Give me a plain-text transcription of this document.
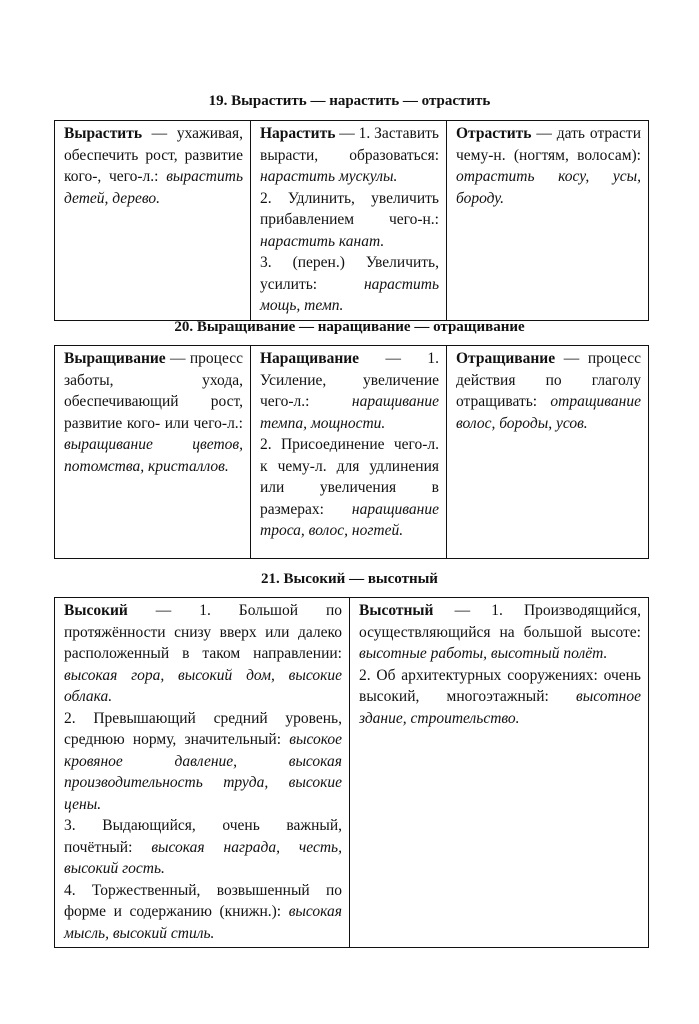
19. Вырастить — нарастить — отрастить
Вырастить — ухаживая, обеспечить рост, развитие кого-, чего-л.: вырастить детей, дерево.	Нарастить — 1. Заставить вырасти, образоваться: нарастить мускулы.
2. Удлинить, увеличить прибавлением чего-н.: нарастить канат.
3. (перен.) Увеличить, усилить: нарастить мощь, темп.
	Отрастить — дать отрасти чему-н. (ногтям, волосам): отрастить косу, усы, бороду.
20. Выращивание — наращивание — отращивание
Выращивание — процесс заботы, ухода, обеспечивающий рост, развитие кого- или чего-л.: выращивание цветов, потомства, кристаллов.	Наращивание — 1. Усиление, увеличение чего-л.: наращивание темпа, мощности.
2. Присоединение чего-л. к чему-л. для удлинения или увеличения в размерах: наращивание троса, волос, ногтей.
	Отращивание — процесс действия по глаголу отращивать: отращивание волос, бороды, усов.
21. Высокий — высотный
Высокий — 1. Большой по протяжённости снизу вверх или далеко расположенный в таком направлении: высокая гора, высокий дом, высокие облака.
2. Превышающий средний уровень, среднюю норму, значительный: высокое кровяное давление, высокая производительность труда, высокие цены.
3. Выдающийся, очень важный, почётный: высокая награда, честь, высокий гость.
4. Торжественный, возвышенный по форме и содержанию (книжн.): высокая мысль, высокий стиль.
	Высотный — 1. Производящийся, осуществляющийся на большой высоте: высотные работы, высотный полёт.
2. Об архитектурных сооружениях: очень высокий, многоэтажный: высотное здание, строительство.
